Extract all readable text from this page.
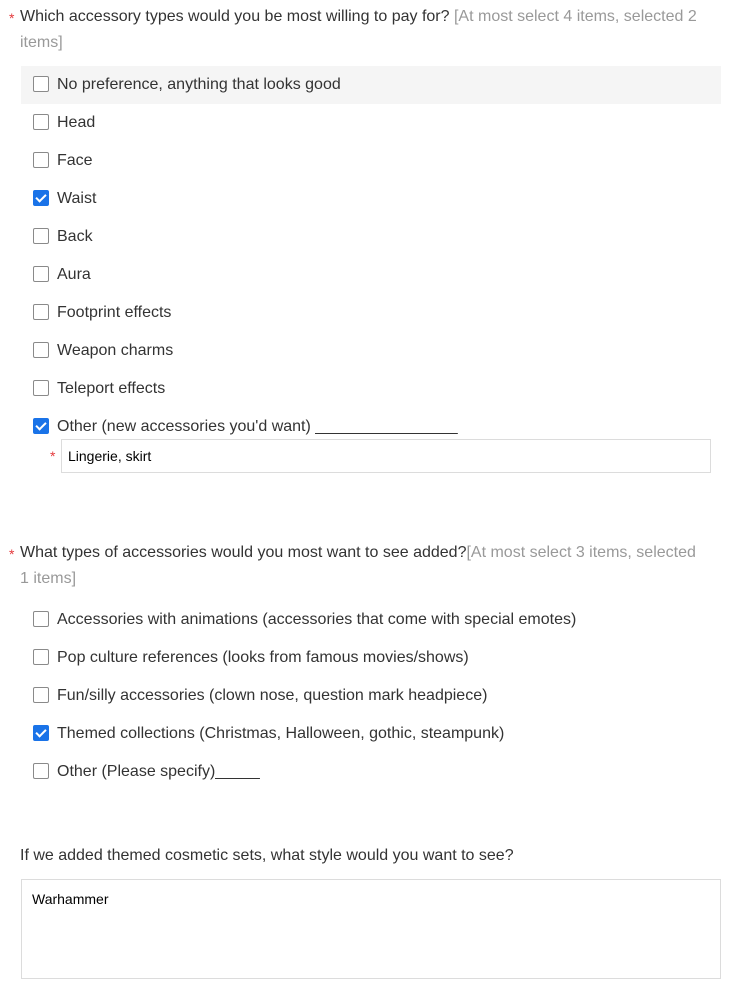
* Which accessory types would you be most willing to pay for? [At most select 4 items, selected 2 items]
No preference, anything that looks good
Head
Face
Waist
Back
Aura
Footprint effects
Weapon charms
Teleport effects
Other (new accessories you'd want) ________________
* Lingerie, skirt
* What types of accessories would you most want to see added?[At most select 3 items, selected 1 items]
Accessories with animations (accessories that come with special emotes)
Pop culture references (looks from famous movies/shows)
Fun/silly accessories (clown nose, question mark headpiece)
Themed collections (Christmas, Halloween, gothic, steampunk)
Other (Please specify)_____
If we added themed cosmetic sets, what style would you want to see?
Warhammer
